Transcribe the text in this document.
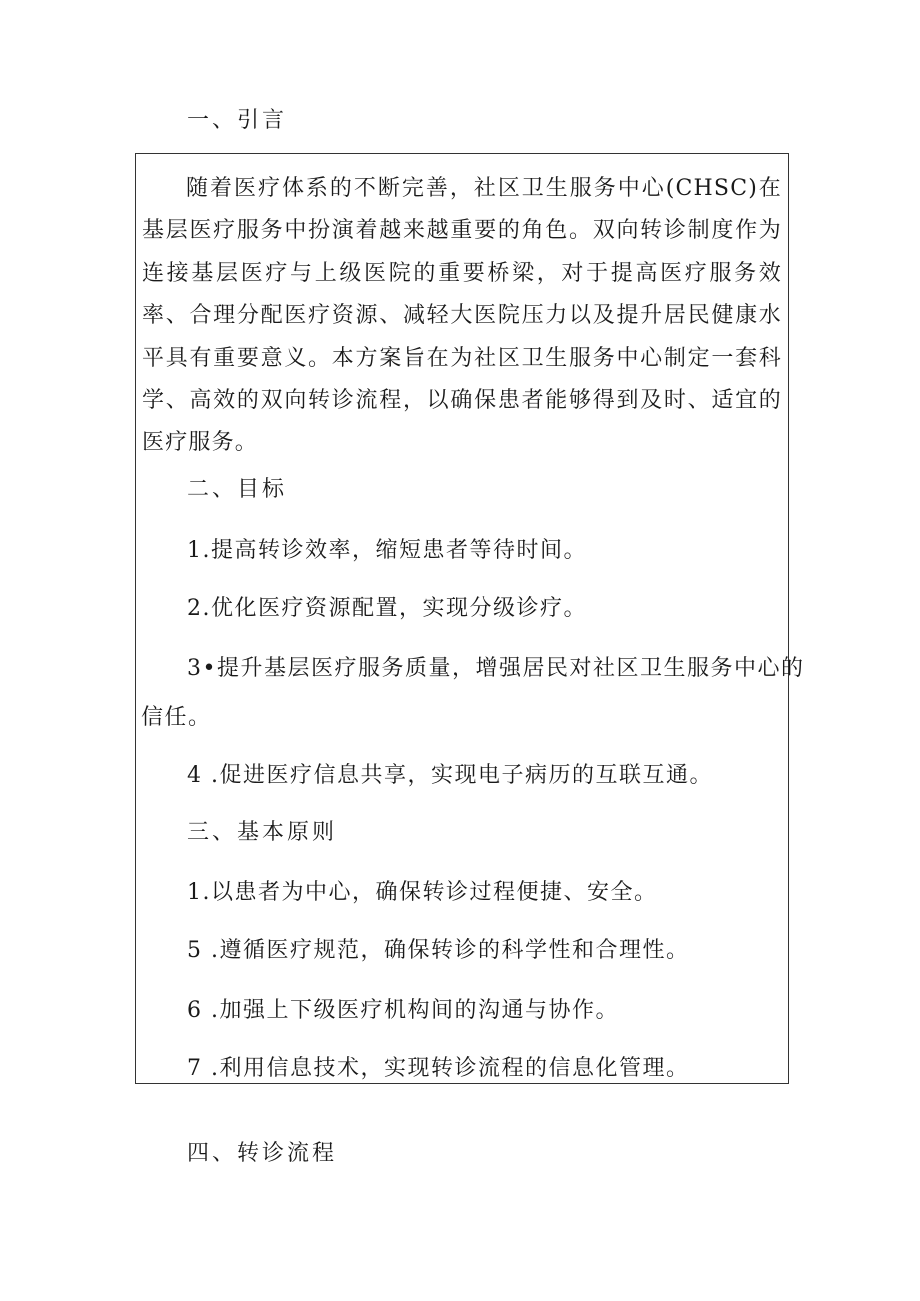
一、引言
随着医疗体系的不断完善，社区卫生服务中心(CHSC)在基层医疗服务中扮演着越来越重要的角色。双向转诊制度作为连接基层医疗与上级医院的重要桥梁，对于提高医疗服务效率、合理分配医疗资源、减轻大医院压力以及提升居民健康水平具有重要意义。本方案旨在为社区卫生服务中心制定一套科学、高效的双向转诊流程，以确保患者能够得到及时、适宜的医疗服务。
二、目标
1.提高转诊效率，缩短患者等待时间。
2.优化医疗资源配置，实现分级诊疗。
3•提升基层医疗服务质量，增强居民对社区卫生服务中心的
信任。
4 .促进医疗信息共享，实现电子病历的互联互通。
三、基本原则
1.以患者为中心，确保转诊过程便捷、安全。
5 .遵循医疗规范，确保转诊的科学性和合理性。
6 .加强上下级医疗机构间的沟通与协作。
7 .利用信息技术，实现转诊流程的信息化管理。
四、转诊流程
